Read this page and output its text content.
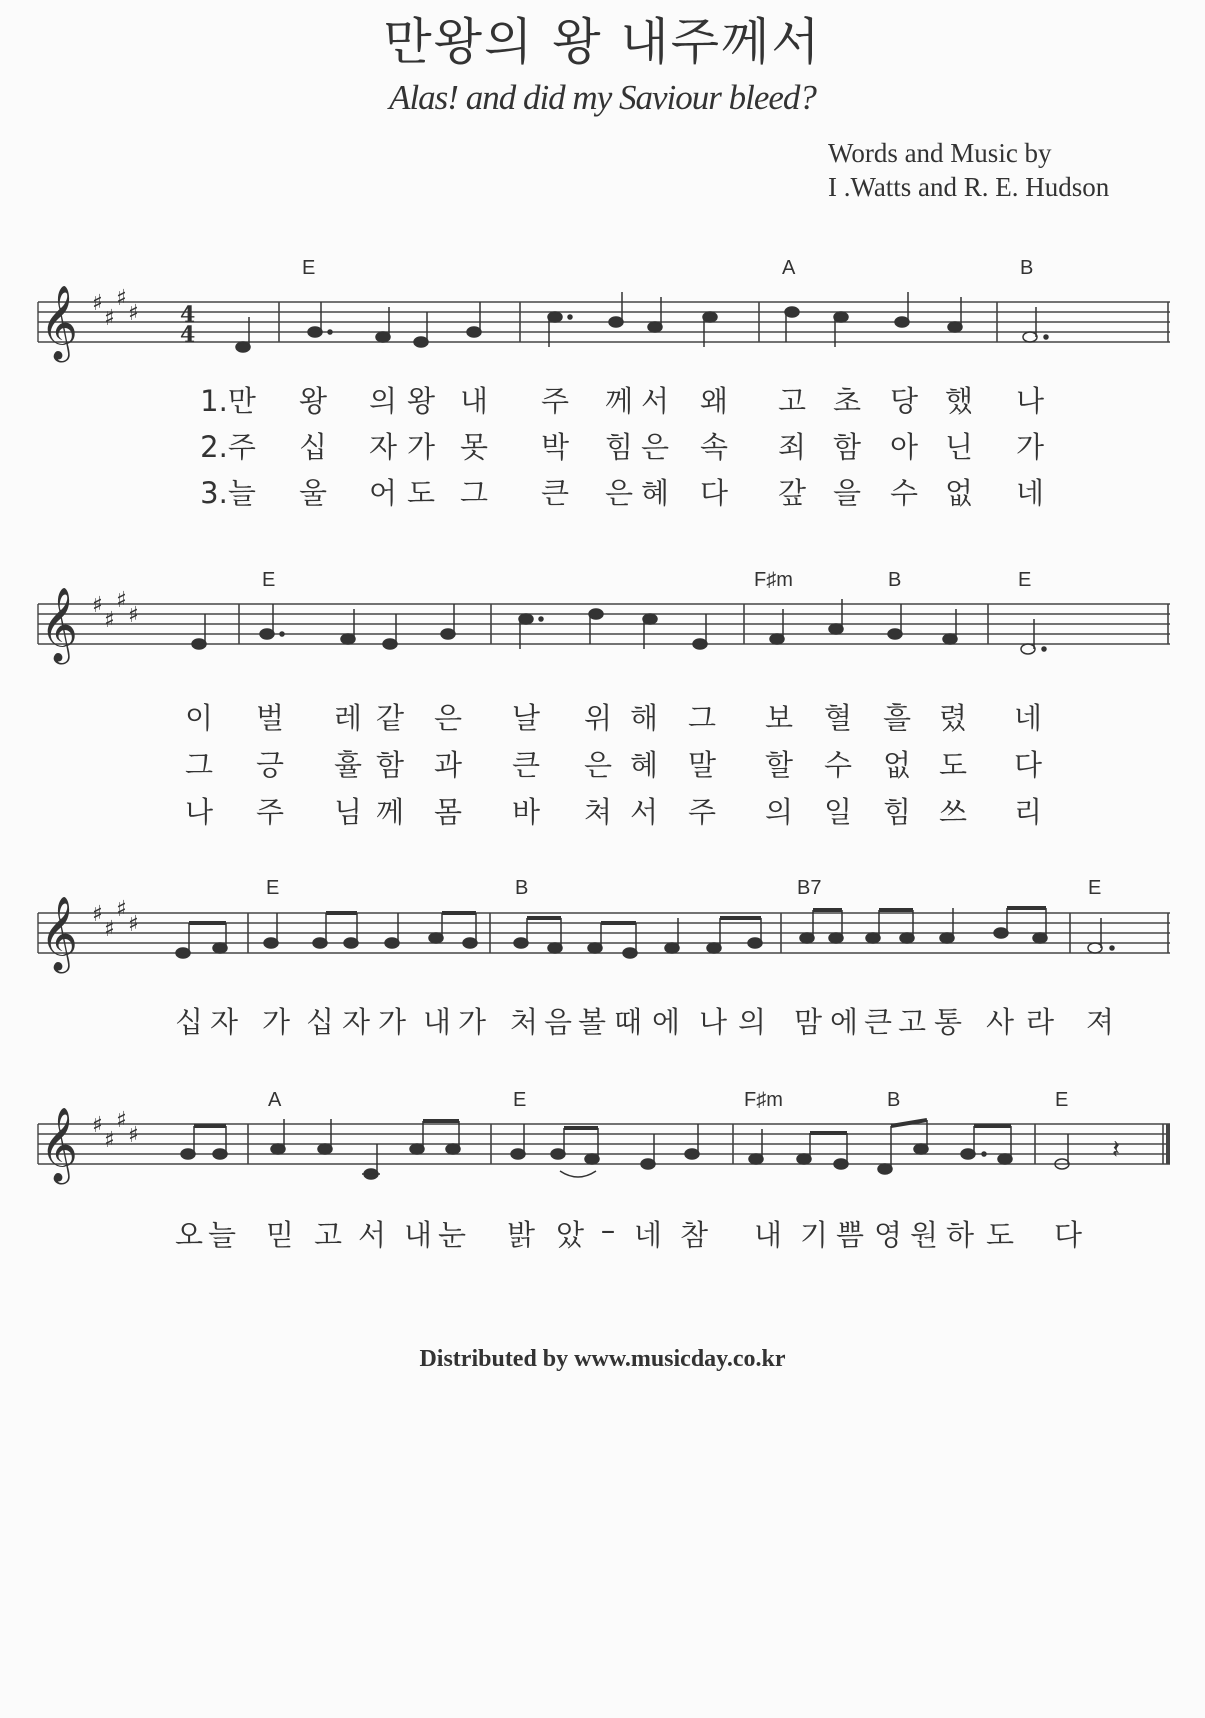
만왕의 왕 내주께서
Alas! and did my Saviour bleed?
Words and Music by
I .Watts and R. E. Hudson
E	A	B
𝄞 ♯
♯
♯
♯ 4
4
1.만 왕 의 왕 내 주 께 서 왜 고 초 당 했 나
2.주 십 자 가 못 박 힘 은 속 죄 함 아 닌 가
3.늘 울 어 도 그 큰 은 혜 다 갚 을 수 없 네
E	F♯m	B	E
𝄞 ♯
♯
♯
♯
이 벌 레 같 은 날 위 해 그 보 혈 흘 렸 네
그 긍 휼 함 과 큰 은 혜 말 할 수 없 도 다
나 주 님 께 몸 바 쳐 서 주 의 일 힘 쓰 리
E	B	B7	E
𝄞 ♯
♯
♯
♯
십 자 가 십 자 가 내 가 처 음 볼 때 에 나 의 맘 에 큰 고 통 사 라 져
A	E	F♯m	B	E
𝄞 ♯
♯
♯
♯	𝄽
오 늘 믿 고 서 내 눈 밝 았 – 네 참 내 기 쁨 영 원 하 도 다
Distributed by www.musicday.co.kr
